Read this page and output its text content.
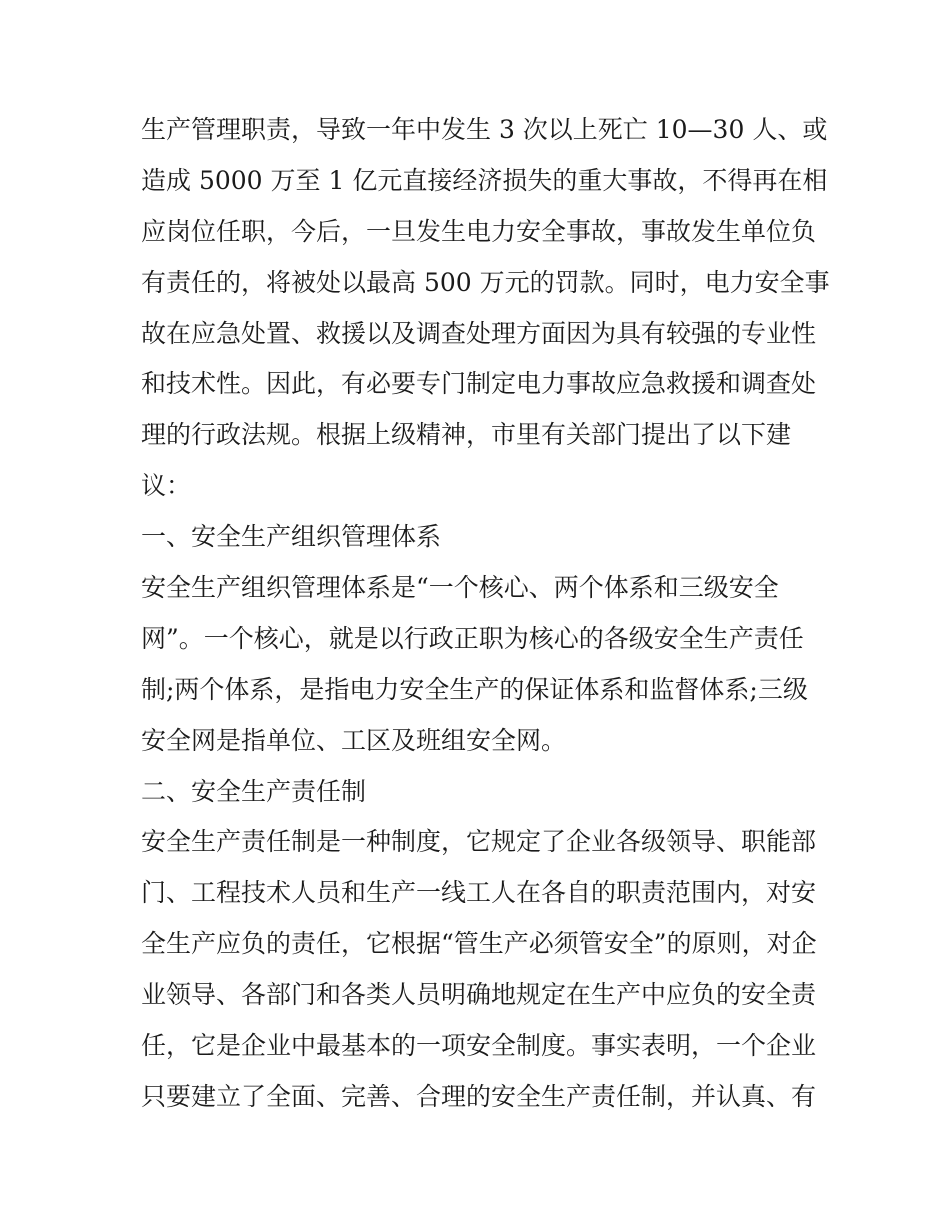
生产管理职责，导致一年中发生 3 次以上死亡 10—30 人、或
造成 5000 万至 1 亿元直接经济损失的重大事故，不得再在相
应岗位任职，今后，一旦发生电力安全事故，事故发生单位负
有责任的，将被处以最高 500 万元的罚款。同时，电力安全事
故在应急处置、救援以及调查处理方面因为具有较强的专业性
和技术性。因此，有必要专门制定电力事故应急救援和调查处
理的行政法规。根据上级精神，市里有关部门提出了以下建
议：
一、安全生产组织管理体系
安全生产组织管理体系是“一个核心、两个体系和三级安全
网”。一个核心，就是以行政正职为核心的各级安全生产责任
制;两个体系，是指电力安全生产的保证体系和监督体系;三级
安全网是指单位、工区及班组安全网。
二、安全生产责任制
安全生产责任制是一种制度，它规定了企业各级领导、职能部
门、工程技术人员和生产一线工人在各自的职责范围内，对安
全生产应负的责任，它根据“管生产必须管安全”的原则，对企
业领导、各部门和各类人员明确地规定在生产中应负的安全责
任，它是企业中最基本的一项安全制度。事实表明，一个企业
只要建立了全面、完善、合理的安全生产责任制，并认真、有
